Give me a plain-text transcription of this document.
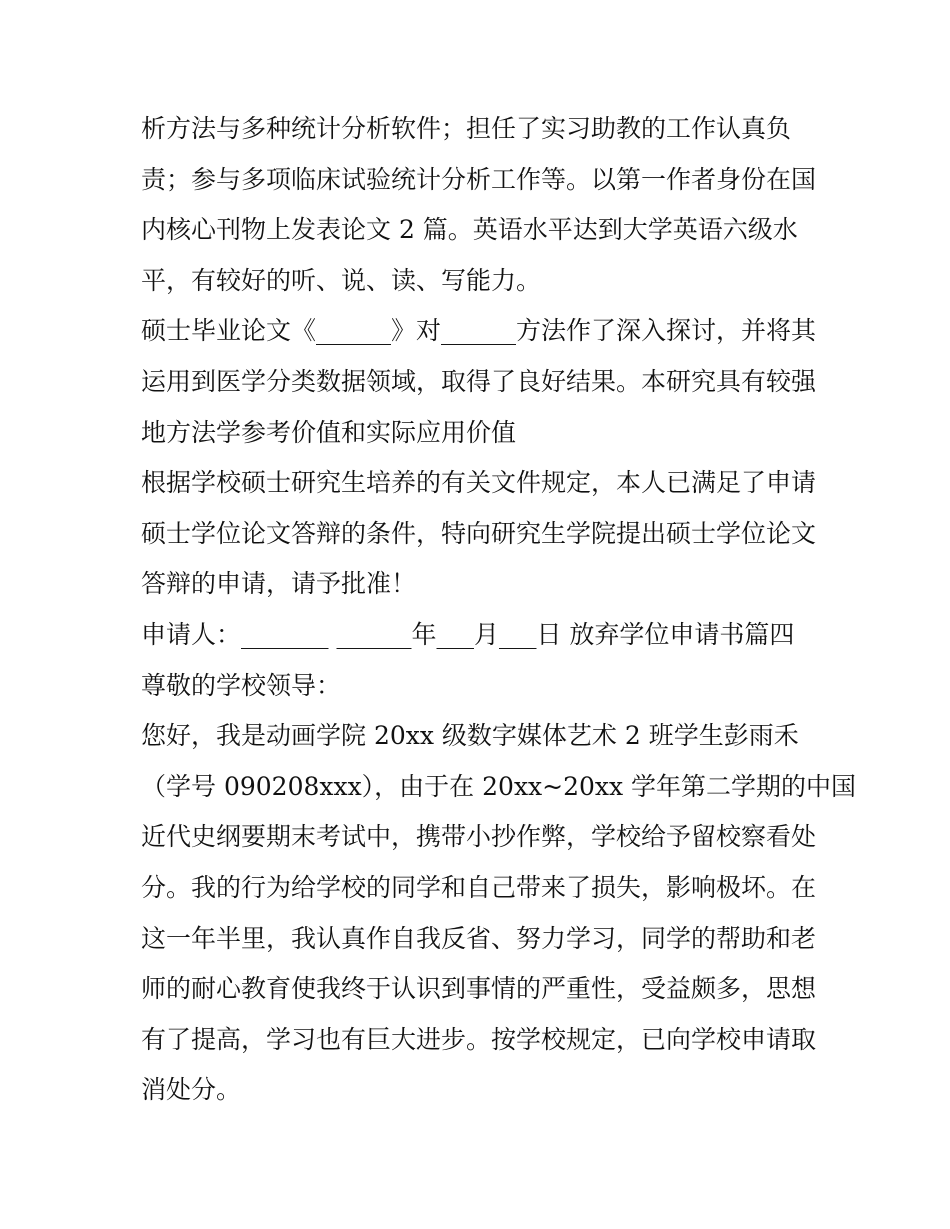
析方法与多种统计分析软件；担任了实习助教的工作认真负
责；参与多项临床试验统计分析工作等。以第一作者身份在国
内核心刊物上发表论文 2 篇。英语水平达到大学英语六级水
平，有较好的听、说、读、写能力。
硕士毕业论文《______》对______方法作了深入探讨，并将其
运用到医学分类数据领域，取得了良好结果。本研究具有较强
地方法学参考价值和实际应用价值
根据学校硕士研究生培养的有关文件规定，本人已满足了申请
硕士学位论文答辩的条件，特向研究生学院提出硕士学位论文
答辩的申请，请予批准！
申请人：_______ ______年___月___日 放弃学位申请书篇四
尊敬的学校领导：
您好，我是动画学院 20xx 级数字媒体艺术 2 班学生彭雨禾
（学号 090208xxx），由于在 20xx~20xx 学年第二学期的中国
近代史纲要期末考试中，携带小抄作弊，学校给予留校察看处
分。我的行为给学校的同学和自己带来了损失，影响极坏。在
这一年半里，我认真作自我反省、努力学习，同学的帮助和老
师的耐心教育使我终于认识到事情的严重性，受益颇多，思想
有了提高，学习也有巨大进步。按学校规定，已向学校申请取
消处分。
